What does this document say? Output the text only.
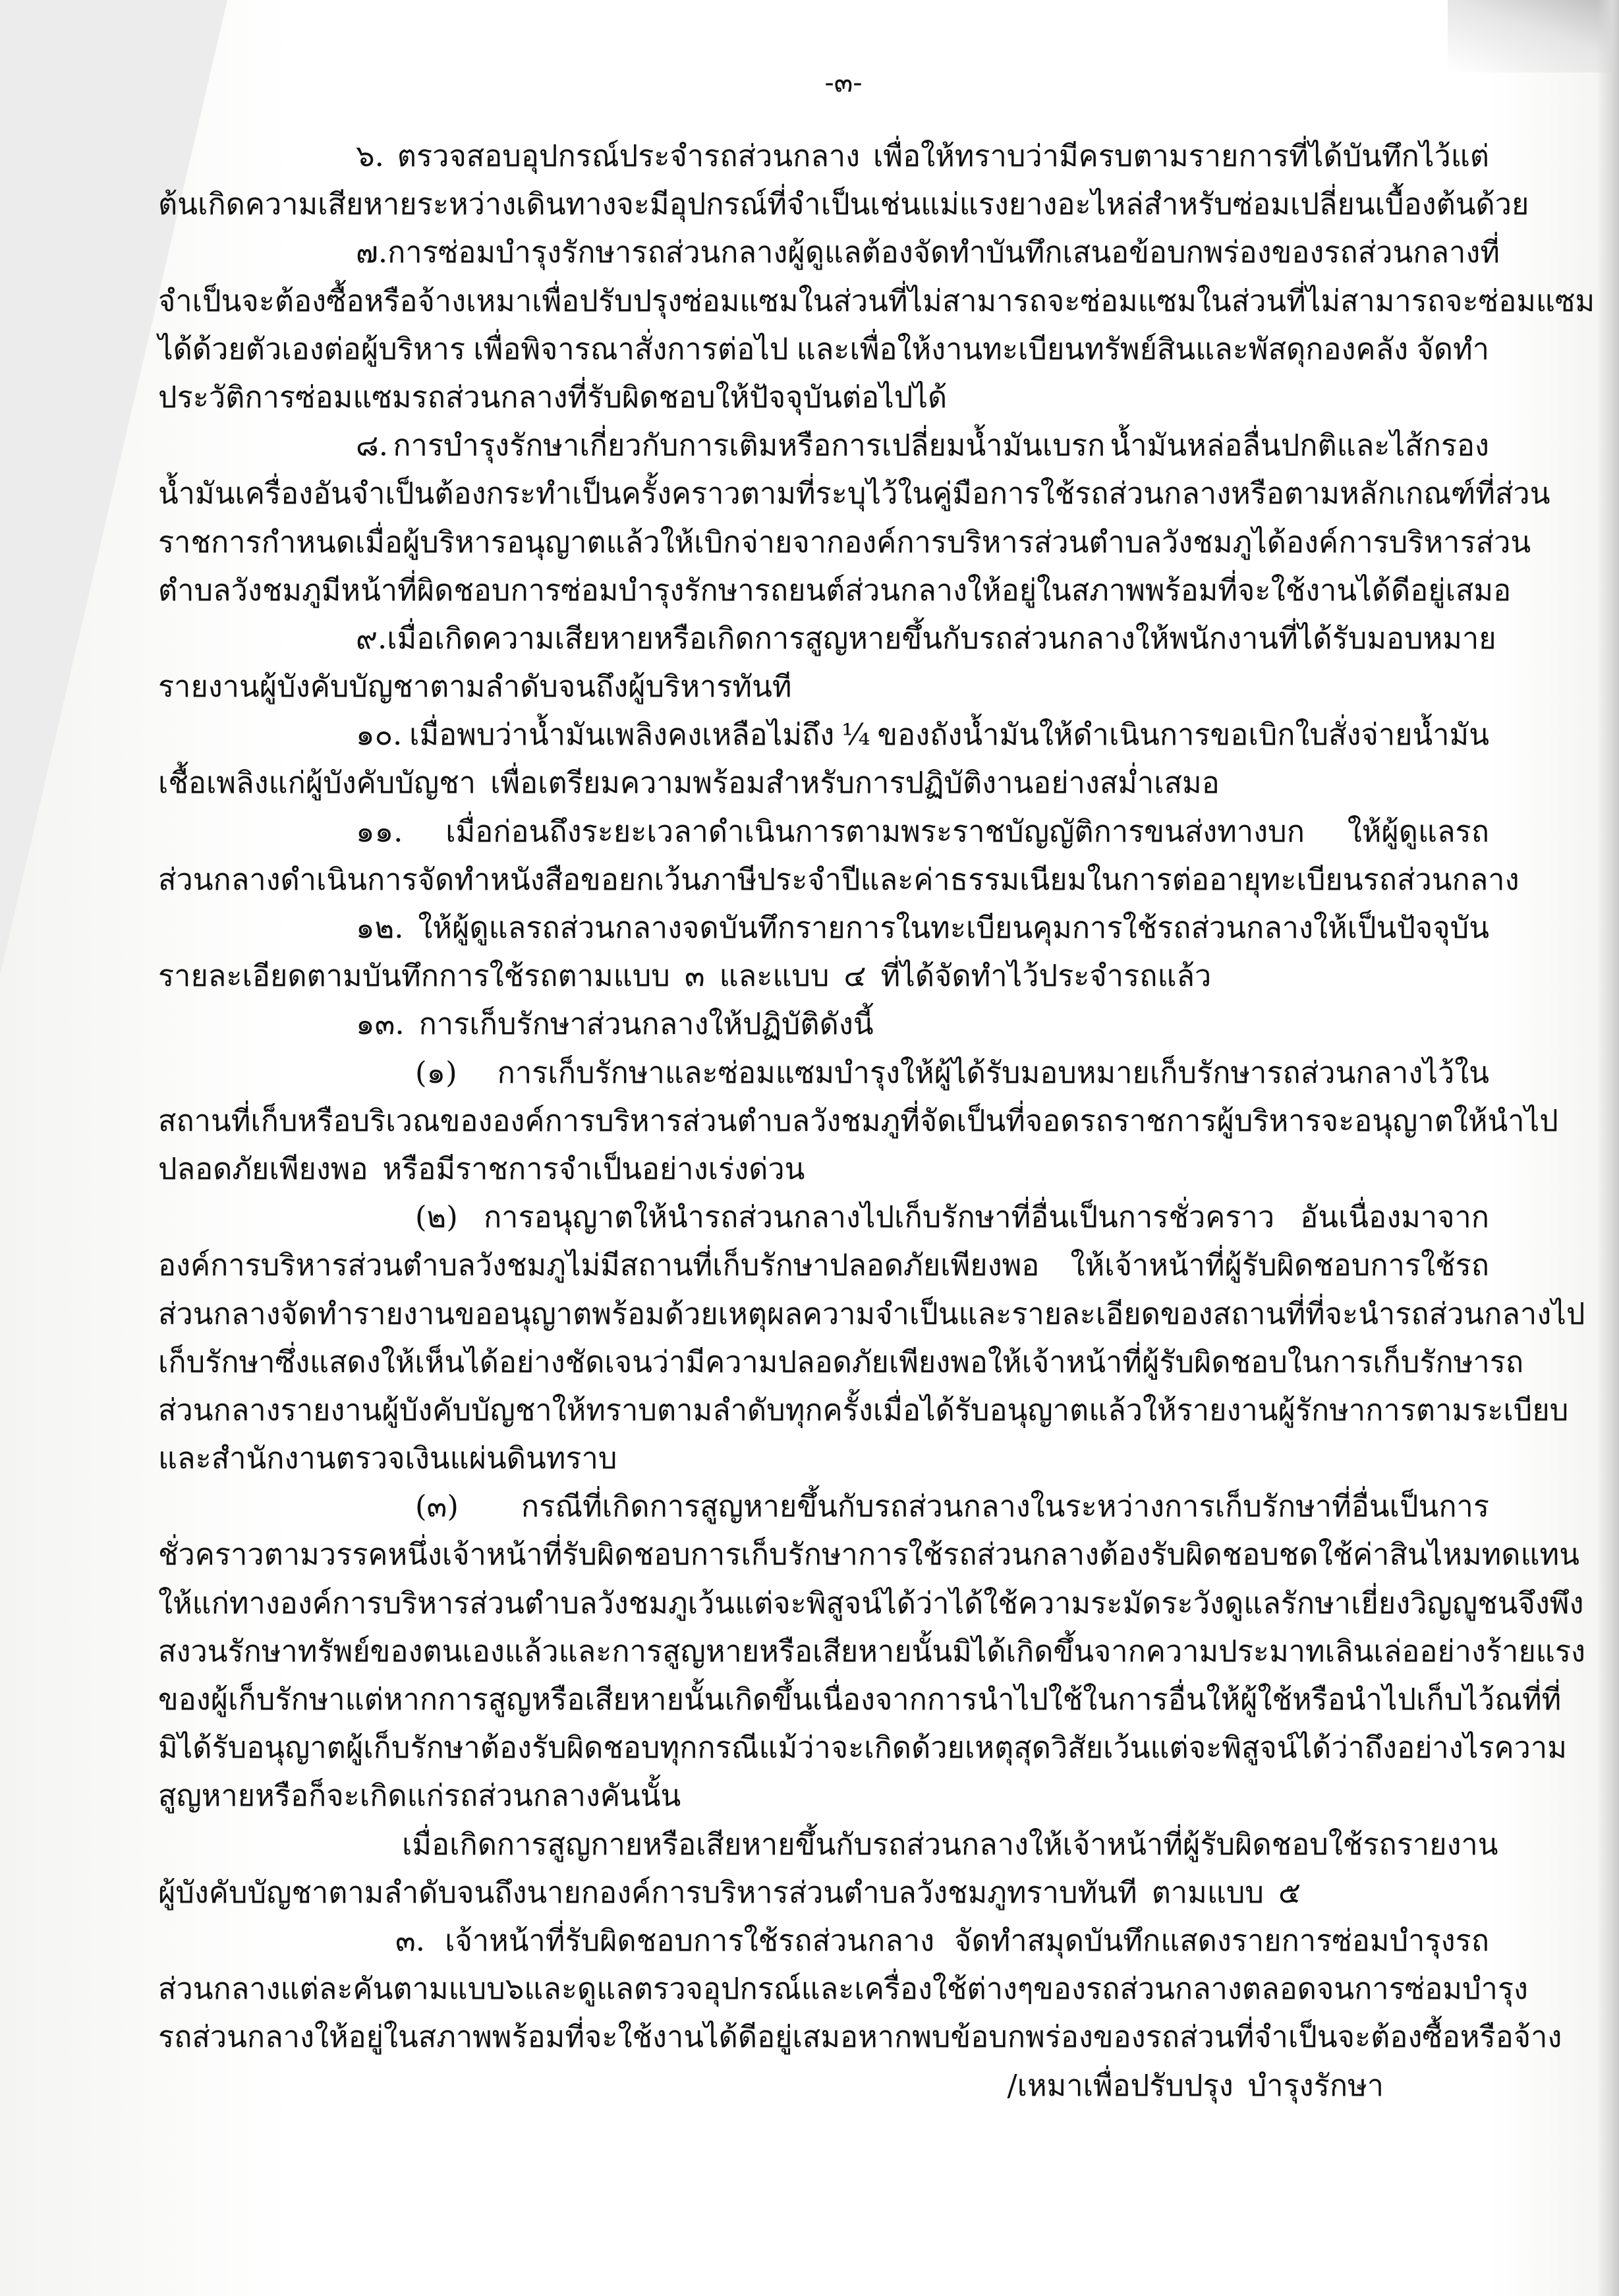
-๓-
๖. ตรวจสอบอุปกรณ์ประจำรถส่วนกลาง เพื่อให้ทราบว่ามีครบตามรายการที่ได้บันทึกไว้แต่
ต้นเกิดความเสียหายระหว่างเดินทาง จะมีอุปกรณ์ที่จำเป็น เช่น แม่แรง ยางอะไหล่ สำหรับซ่อมเปลี่ยนเบื้องต้นด้วย
๗. การซ่อมบำรุงรักษารถส่วนกลาง ผู้ดูแลต้องจัดทำบันทึกเสนอข้อบกพร่องของรถส่วนกลางที่
จำเป็นจะต้องซื้อหรือจ้างเหมาเพื่อปรับปรุงซ่อมแซมในส่วนที่ไม่สามารถจะซ่อมแซมในส่วนที่ไม่สามารถจะซ่อมแซม
ได้ด้วยตัวเองต่อผู้บริหาร เพื่อพิจารณาสั่งการต่อไป และเพื่อให้งานทะเบียนทรัพย์สินและพัสดุกองคลัง จัดทำ
ประวัติการซ่อมแซมรถส่วนกลางที่รับผิดชอบให้ปัจจุบันต่อไปได้
๘. การบำรุงรักษาเกี่ยวกับการเติมหรือการเปลี่ยมน้ำมันเบรก น้ำมันหล่อลื่นปกติและไส้กรอง
น้ำมันเครื่อง อันจำเป็นต้องกระทำเป็นครั้งคราวตามที่ระบุไว้ในคู่มือการใช้รถส่วนกลางหรือตามหลักเกณฑ์ที่ส่วน
ราชการกำหนด เมื่อผู้บริหารอนุญาตแล้วให้เบิกจ่ายจากองค์การบริหารส่วนตำบลวังชมภูได้ องค์การบริหารส่วน
ตำบลวังชมภูมีหน้าที่ผิดชอบการซ่อมบำรุงรักษารถยนต์ส่วนกลางให้อยู่ในสภาพพร้อมที่จะใช้งานได้ดีอยู่เสมอ
๙. เมื่อเกิดความเสียหายหรือเกิดการสูญหายขึ้นกับรถส่วนกลางให้พนักงานที่ได้รับมอบหมาย
รายงานผู้บังคับบัญชาตามลำดับจนถึงผู้บริหารทันที
๑๐. เมื่อพบว่าน้ำมันเพลิงคงเหลือไม่ถึง ¼ ของถังน้ำมันให้ดำเนินการขอเบิกใบสั่งจ่ายน้ำมัน
เชื้อเพลิงแก่ผู้บังคับบัญชา เพื่อเตรียมความพร้อมสำหรับการปฏิบัติงานอย่างสม่ำเสมอ
๑๑. เมื่อก่อนถึงระยะเวลาดำเนินการตามพระราชบัญญัติการขนส่งทางบก ให้ผู้ดูแลรถ
ส่วนกลางดำเนินการจัดทำหนังสือขอยกเว้นภาษีประจำปีและค่าธรรมเนียมในการต่ออายุทะเบียนรถส่วนกลาง
๑๒. ให้ผู้ดูแลรถส่วนกลางจดบันทึกรายการในทะเบียนคุมการใช้รถส่วนกลางให้เป็นปัจจุบัน
รายละเอียดตามบันทึกการใช้รถตามแบบ ๓ และแบบ ๔ ที่ได้จัดทำไว้ประจำรถแล้ว
๑๓. การเก็บรักษาส่วนกลางให้ปฏิบัติดังนี้
(๑) การเก็บรักษาและซ่อมแซมบำรุงให้ผู้ได้รับมอบหมายเก็บรักษารถส่วนกลางไว้ใน
สถานที่เก็บหรือบริเวณขององค์การบริหารส่วนตำบลวังชมภูที่จัดเป็นที่จอดรถราชการ ผู้บริหารจะอนุญาตให้นำไป
ปลอดภัยเพียงพอ หรือมีราชการจำเป็นอย่างเร่งด่วน
(๒) การอนุญาตให้นำรถส่วนกลางไปเก็บรักษาที่อื่นเป็นการชั่วคราว อันเนื่องมาจาก
องค์การบริหารส่วนตำบลวังชมภูไม่มีสถานที่เก็บรักษาปลอดภัยเพียงพอ ให้เจ้าหน้าที่ผู้รับผิดชอบการใช้รถ
ส่วนกลางจัดทำรายงานขออนุญาตพร้อมด้วยเหตุผลความจำเป็นและรายละเอียดของสถานที่ที่จะนำรถส่วนกลางไป
เก็บรักษา ซึ่งแสดงให้เห็นได้อย่างชัดเจนว่ามีความปลอดภัยเพียงพอ ให้เจ้าหน้าที่ผู้รับผิดชอบในการเก็บรักษารถ
ส่วนกลาง รายงานผู้บังคับบัญชาให้ทราบตามลำดับทุกครั้ง เมื่อได้รับอนุญาตแล้วให้รายงานผู้รักษาการตามระเบียบ
และสำนักงานตรวจเงินแผ่นดินทราบ
(๓) กรณีที่เกิดการสูญหายขึ้นกับรถส่วนกลางในระหว่างการเก็บรักษาที่อื่นเป็นการ
ชั่วคราวตามวรรคหนึ่ง เจ้าหน้าที่รับผิดชอบการเก็บรักษาการใช้รถส่วนกลางต้องรับผิดชอบชดใช้ค่าสินไหมทดแทน
ให้แก่ทางองค์การบริหารส่วนตำบลวังชมภู เว้นแต่จะพิสูจน์ได้ว่าได้ใช้ความระมัดระวังดูแลรักษาเยี่ยงวิญญูชนจึงพึง
สงวนรักษาทรัพย์ของตนเองแล้ว และการสูญหายหรือเสียหายนั้นมิได้เกิดขึ้นจากความประมาทเลินเล่ออย่างร้ายแรง
ของผู้เก็บรักษา แต่หากการสูญหรือเสียหายนั้นเกิดขึ้นเนื่องจากการนำไปใช้ในการอื่นให้ผู้ใช้หรือนำไปเก็บไว้ ณ ที่ที่
มิได้รับอนุญาต ผู้เก็บรักษาต้องรับผิดชอบทุกกรณี แม้ว่าจะเกิดด้วยเหตุสุดวิสัยเว้นแต่จะพิสูจน์ได้ว่าถึงอย่างไรความ
สูญหายหรือก็จะเกิดแก่รถส่วนกลางคันนั้น
เมื่อเกิดการสูญกายหรือเสียหายขึ้นกับรถส่วนกลาง ให้เจ้าหน้าที่ผู้รับผิดชอบใช้รถรายงาน
ผู้บังคับบัญชาตามลำดับจนถึงนายกองค์การบริหารส่วนตำบลวังชมภูทราบทันที ตามแบบ ๕
๓. เจ้าหน้าที่รับผิดชอบการใช้รถส่วนกลาง จัดทำสมุดบันทึกแสดงรายการซ่อมบำรุงรถ
ส่วนกลางแต่ละคัน ตามแบบ ๖ และดูแลตรวจอุปกรณ์และเครื่องใช้ต่างๆ ของรถส่วนกลาง ตลอดจนการซ่อมบำรุง
รถส่วนกลางให้อยู่ในสภาพพร้อมที่จะใช้งานได้ดีอยู่เสมอ หากพบข้อบกพร่องของรถส่วนที่จำเป็นจะต้องซื้อหรือจ้าง
/เหมาเพื่อปรับปรุง บำรุงรักษา
